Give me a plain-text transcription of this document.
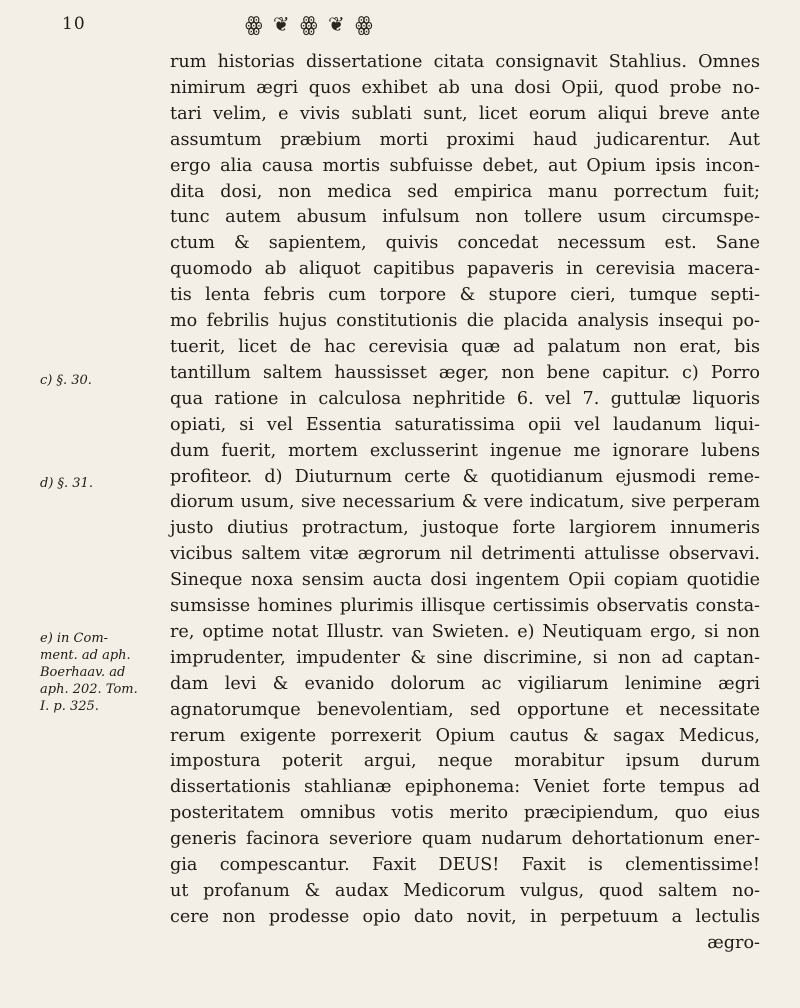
10	ꙮ ❦ ꙮ ❦ ꙮ
rum historias dissertatione citata consignavit Stahlius. Omnes
nimirum ægri quos exhibet ab una dosi Opii, quod probe no-
tari velim, e vivis sublati sunt, licet eorum aliqui breve ante
assumtum præbium morti proximi haud judicarentur. Aut
ergo alia causa mortis subfuisse debet, aut Opium ipsis incon-
dita dosi, non medica sed empirica manu porrectum fuit;
tunc autem abusum infulsum non tollere usum circumspe-
ctum & sapientem, quivis concedat necessum est. Sane
quomodo ab aliquot capitibus papaveris in cerevisia macera-
tis lenta febris cum torpore & stupore cieri, tumque septi-
mo febrilis hujus constitutionis die placida analysis insequi po-
tuerit, licet de hac cerevisia quæ ad palatum non erat, bis
tantillum saltem haussisset æger, non bene capitur. c) Porro
qua ratione in calculosa nephritide 6. vel 7. guttulæ liquoris
opiati, si vel Essentia saturatissima opii vel laudanum liqui-
dum fuerit, mortem exclusserint ingenue me ignorare lubens
profiteor. d) Diuturnum certe & quotidianum ejusmodi reme-
diorum usum, sive necessarium & vere indicatum, sive perperam
justo diutius protractum, justoque forte largiorem innumeris
vicibus saltem vitæ ægrorum nil detrimenti attulisse observavi.
Sineque noxa sensim aucta dosi ingentem Opii copiam quotidie
sumsisse homines plurimis illisque certissimis observatis consta-
re, optime notat Illustr. van Swieten. e) Neutiquam ergo, si non
imprudenter, impudenter & sine discrimine, si non ad captan-
dam levi & evanido dolorum ac vigiliarum lenimine ægri
agnatorumque benevolentiam, sed opportune et necessitate
rerum exigente porrexerit Opium cautus & sagax Medicus,
impostura poterit argui, neque morabitur ipsum durum
dissertationis stahlianæ epiphonema: Veniet forte tempus ad
posteritatem omnibus votis merito præcipiendum, quo eius
generis facinora severiore quam nudarum dehortationum ener-
gia compescantur. Faxit DEUS! Faxit is clementissime!
ut profanum & audax Medicorum vulgus, quod saltem no-
cere non prodesse opio dato novit, in perpetuum a lectulis
ægro-
c) §. 30.
d) §. 31.
e) in Com-
ment. ad aph.
Boerhaav. ad
aph. 202. Tom.
I. p. 325.
